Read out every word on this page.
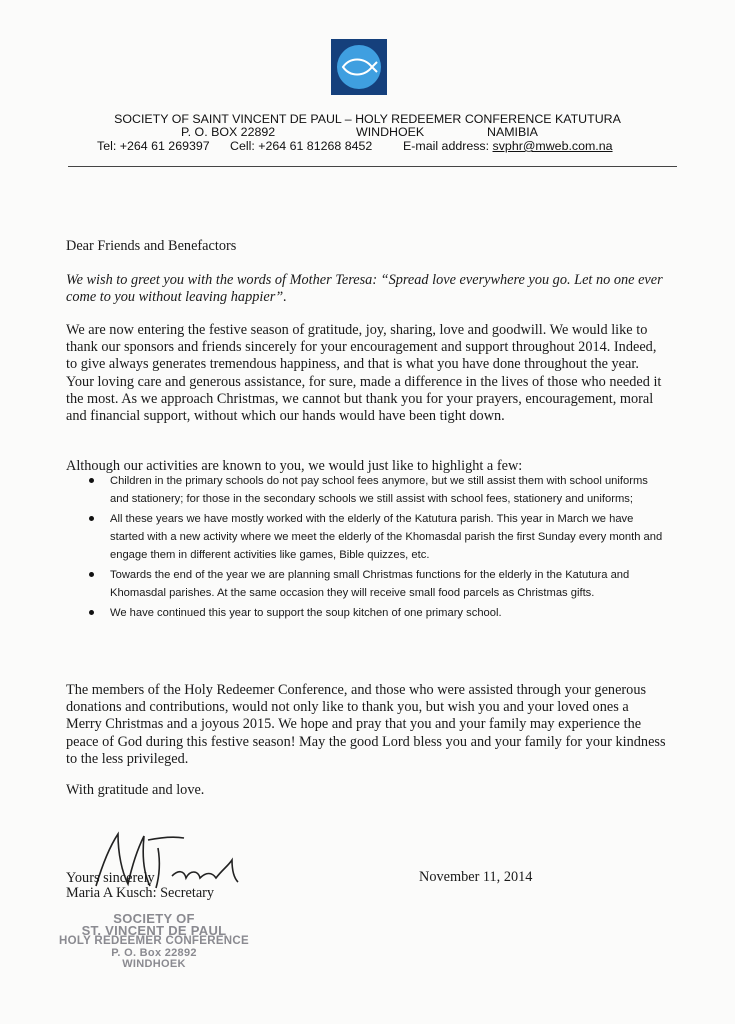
SOCIETY OF SAINT VINCENT DE PAUL – HOLY REDEEMER CONFERENCE KATUTURA
P. O. BOX 22892	WINDHOEK	NAMIBIA
Tel: +264 61 269397 Cell: +264 61 81268 8452 E-mail address: svphr@mweb.com.na
Dear Friends and Benefactors
We wish to greet you with the words of Mother Teresa: “Spread love everywhere you go. Let no one ever come to you without leaving happier”.
We are now entering the festive season of gratitude, joy, sharing, love and goodwill. We would like to thank our sponsors and friends sincerely for your encouragement and support throughout 2014. Indeed, to give always generates tremendous happiness, and that is what you have done throughout the year. Your loving care and generous assistance, for sure, made a difference in the lives of those who needed it the most. As we approach Christmas, we cannot but thank you for your prayers, encouragement, moral and financial support, without which our hands would have been tight down.
Although our activities are known to you, we would just like to highlight a few:
Children in the primary schools do not pay school fees anymore, but we still assist them with school uniforms and stationery; for those in the secondary schools we still assist with school fees, stationery and uniforms;
All these years we have mostly worked with the elderly of the Katutura parish. This year in March we have started with a new activity where we meet the elderly of the Khomasdal parish the first Sunday every month and engage them in different activities like games, Bible quizzes, etc.
Towards the end of the year we are planning small Christmas functions for the elderly in the Katutura and Khomasdal parishes. At the same occasion they will receive small food parcels as Christmas gifts.
We have continued this year to support the soup kitchen of one primary school.
The members of the Holy Redeemer Conference, and those who were assisted through your generous donations and contributions, would not only like to thank you, but wish you and your loved ones a Merry Christmas and a joyous 2015. We hope and pray that you and your family may experience the peace of God during this festive season! May the good Lord bless you and your family for your kindness to the less privileged.
With gratitude and love.
Yours sincerely
Maria A Kusch: Secretary
November 11, 2014
SOCIETY OF
ST. VINCENT DE PAUL
HOLY REDEEMER CONFERENCE
P. O. Box 22892
WINDHOEK
